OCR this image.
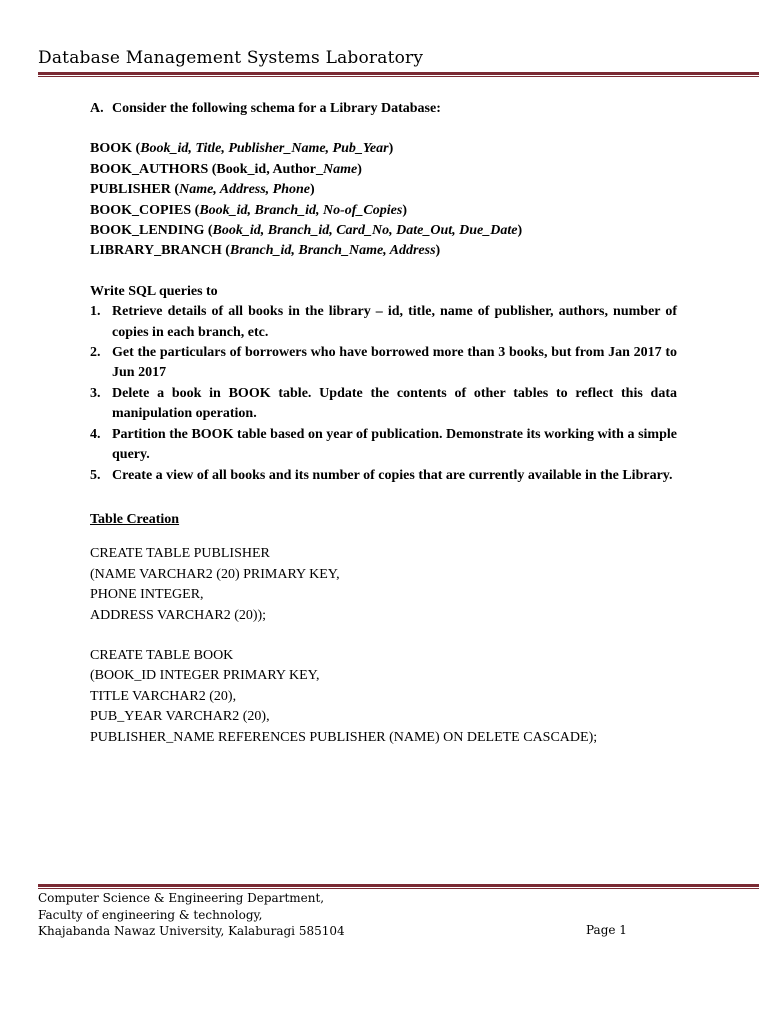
Database Management Systems Laboratory
A. Consider the following schema for a Library Database:
BOOK (Book_id, Title, Publisher_Name, Pub_Year)
BOOK_AUTHORS (Book_id, Author_Name)
PUBLISHER (Name, Address, Phone)
BOOK_COPIES (Book_id, Branch_id, No-of_Copies)
BOOK_LENDING (Book_id, Branch_id, Card_No, Date_Out, Due_Date)
LIBRARY_BRANCH (Branch_id, Branch_Name, Address)
Write SQL queries to
1. Retrieve details of all books in the library – id, title, name of publisher, authors, number of copies in each branch, etc.
2. Get the particulars of borrowers who have borrowed more than 3 books, but from Jan 2017 to Jun 2017
3. Delete a book in BOOK table. Update the contents of other tables to reflect this data manipulation operation.
4. Partition the BOOK table based on year of publication. Demonstrate its working with a simple query.
5. Create a view of all books and its number of copies that are currently available in the Library.
Table Creation
CREATE TABLE PUBLISHER
(NAME VARCHAR2 (20) PRIMARY KEY,
PHONE INTEGER,
ADDRESS VARCHAR2 (20));
CREATE TABLE BOOK
(BOOK_ID INTEGER PRIMARY KEY,
TITLE VARCHAR2 (20),
PUB_YEAR VARCHAR2 (20),
PUBLISHER_NAME REFERENCES PUBLISHER (NAME) ON DELETE CASCADE);
Computer Science & Engineering Department,
Faculty of engineering & technology,
Khajabanda Nawaz University, Kalaburagi 585104	Page 1
